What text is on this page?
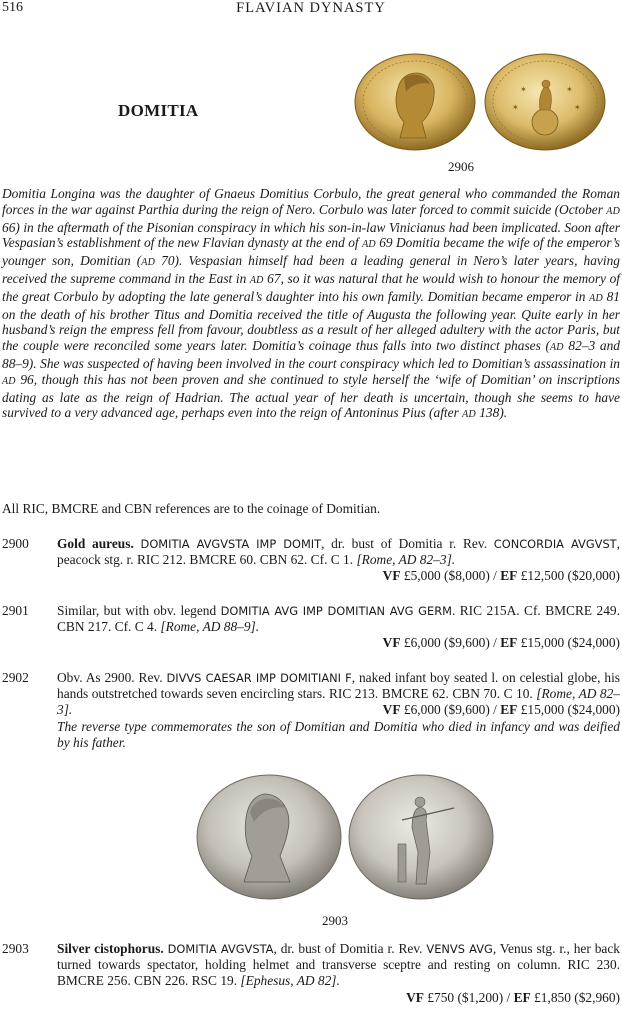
516	FLAVIAN DYNASTY
DOMITIA
✶	✶
✶	✶
2906

Domitia Longina was the daughter of Gnaeus Domitius Corbulo, the great general who commanded the Roman forces in the war against Parthia during the reign of Nero. Corbulo was later forced to commit suicide (October AD 66) in the aftermath of the Pisonian conspiracy in which his son-in-law Vinicianus had been implicated. Soon after Vespasian’s establishment of the new Flavian dynasty at the end of AD 69 Domitia became the wife of the emperor’s younger son, Domitian (AD 70). Vespasian himself had been a leading general in Nero’s later years, having received the supreme command in the East in AD 67, so it was natural that he would wish to honour the memory of the great Corbulo by adopting the late general’s daughter into his own family. Domitian became emperor in AD 81 on the death of his brother Titus and Domitia received the title of Augusta the following year. Quite early in her husband’s reign the empress fell from favour, doubtless as a result of her alleged adultery with the actor Paris, but the couple were reconciled some years later. Domitia’s coinage thus falls into two distinct phases (AD 82–3 and 88–9). She was suspected of having been involved in the court conspiracy which led to Domitian’s assassination in AD 96, though this has not been proven and she continued to style herself the ‘wife of Domitian’ on inscriptions dating as late as the reign of Hadrian. The actual year of her death is uncertain, though she seems to have survived to a very advanced age, perhaps even into the reign of Antoninus Pius (after AD 138).

All RIC, BMCRE and CBN references are to the coinage of Domitian.
2900 Gold aureus. DOMITIA AVGVSTA IMP DOMIT, dr. bust of Domitia r. Rev. CONCORDIA AVGVST, peacock stg. r. RIC 212. BMCRE 60. CBN 62. Cf. C 1. [Rome, AD 82–3].
VF £5,000 ($8,000) / EF £12,500 ($20,000)
2901 Similar, but with obv. legend DOMITIA AVG IMP DOMITIAN AVG GERM. RIC 215A. Cf. BMCRE 249. CBN 217. Cf. C 4. [Rome, AD 88–9].
VF £6,000 ($9,600) / EF £15,000 ($24,000)
2902 Obv. As 2900. Rev. DIVVS CAESAR IMP DOMITIANI F, naked infant boy seated l. on celestial globe, his hands outstretched towards seven encircling stars. RIC 213. BMCRE 62. CBN 70. C 10. [Rome, AD 82–3].	VF £6,000 ($9,600) / EF £15,000 ($24,000)
The reverse type commemorates the son of Domitian and Domitia who died in infancy and was deified by his father.
2903
2903 Silver cistophorus. DOMITIA AVGVSTA, dr. bust of Domitia r. Rev. VENVS AVG, Venus stg. r., her back turned towards spectator, holding helmet and transverse sceptre and resting on column. RIC 230. BMCRE 256. CBN 226. RSC 19. [Ephesus, AD 82].
VF £750 ($1,200) / EF £1,850 ($2,960)
